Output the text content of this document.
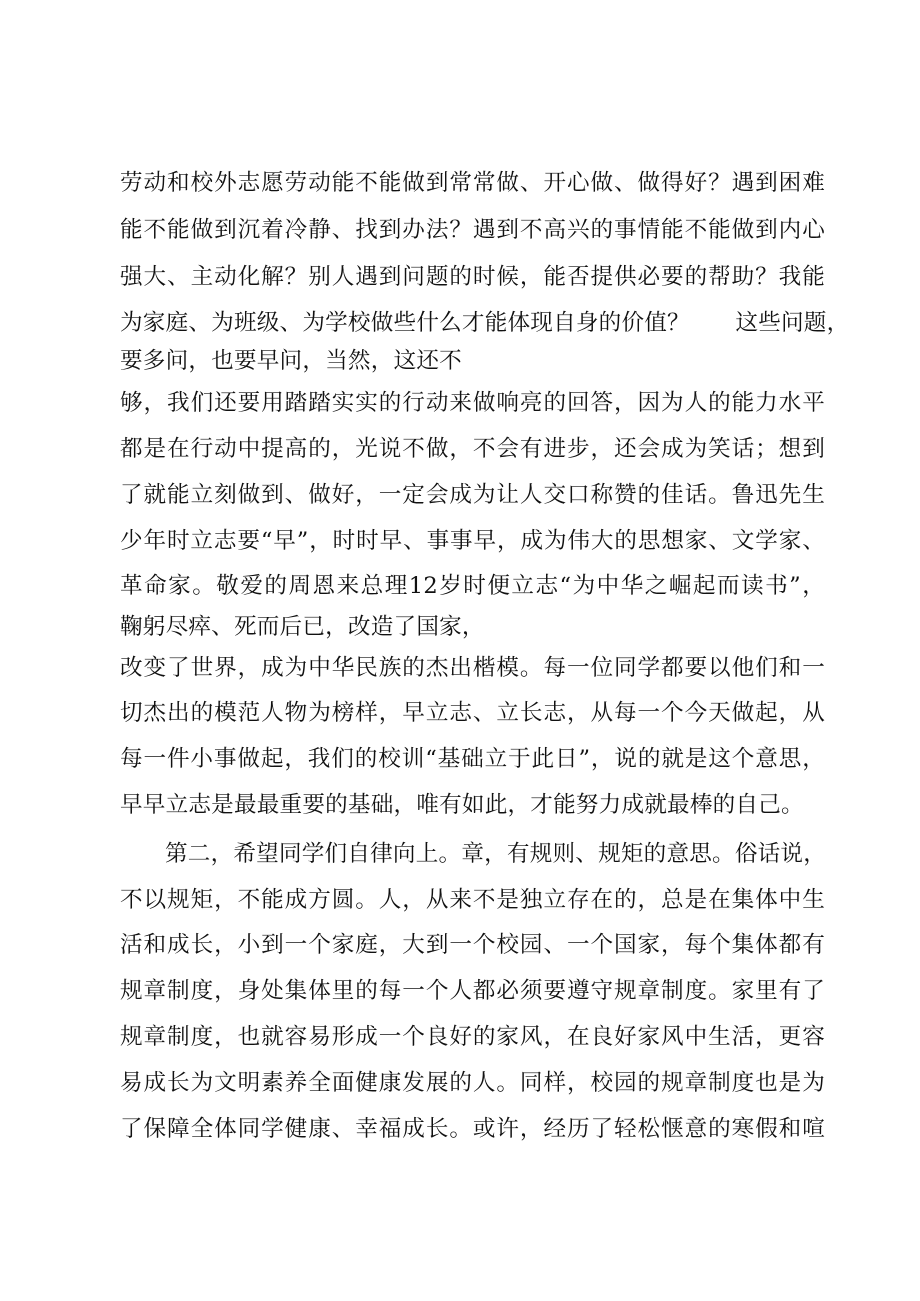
劳动和校外志愿劳动能不能做到常常做、开心做、做得好？遇到困难
能不能做到沉着冷静、找到办法？遇到不高兴的事情能不能做到内心
强大、主动化解？别人遇到问题的时候，能否提供必要的帮助？我能
为家庭、为班级、为学校做些什么才能体现自身的价值？　　这些问题，
要多问，也要早问，当然，这还不
够，我们还要用踏踏实实的行动来做响亮的回答，因为人的能力水平
都是在行动中提高的，光说不做，不会有进步，还会成为笑话；想到
了就能立刻做到、做好，一定会成为让人交口称赞的佳话。鲁迅先生
少年时立志要“早”，时时早、事事早，成为伟大的思想家、文学家、
革命家。敬爱的周恩来总理12岁时便立志“为中华之崛起而读书”，
鞠躬尽瘁、死而后已，改造了国家，
改变了世界，成为中华民族的杰出楷模。每一位同学都要以他们和一
切杰出的模范人物为榜样，早立志、立长志，从每一个今天做起，从
每一件小事做起，我们的校训“基础立于此日”，说的就是这个意思，
早早立志是最最重要的基础，唯有如此，才能努力成就最棒的自己。
第二，希望同学们自律向上。章，有规则、规矩的意思。俗话说，
不以规矩，不能成方圆。人，从来不是独立存在的，总是在集体中生
活和成长，小到一个家庭，大到一个校园、一个国家，每个集体都有
规章制度，身处集体里的每一个人都必须要遵守规章制度。家里有了
规章制度，也就容易形成一个良好的家风，在良好家风中生活，更容
易成长为文明素养全面健康发展的人。同样，校园的规章制度也是为
了保障全体同学健康、幸福成长。或许，经历了轻松惬意的寒假和喧
